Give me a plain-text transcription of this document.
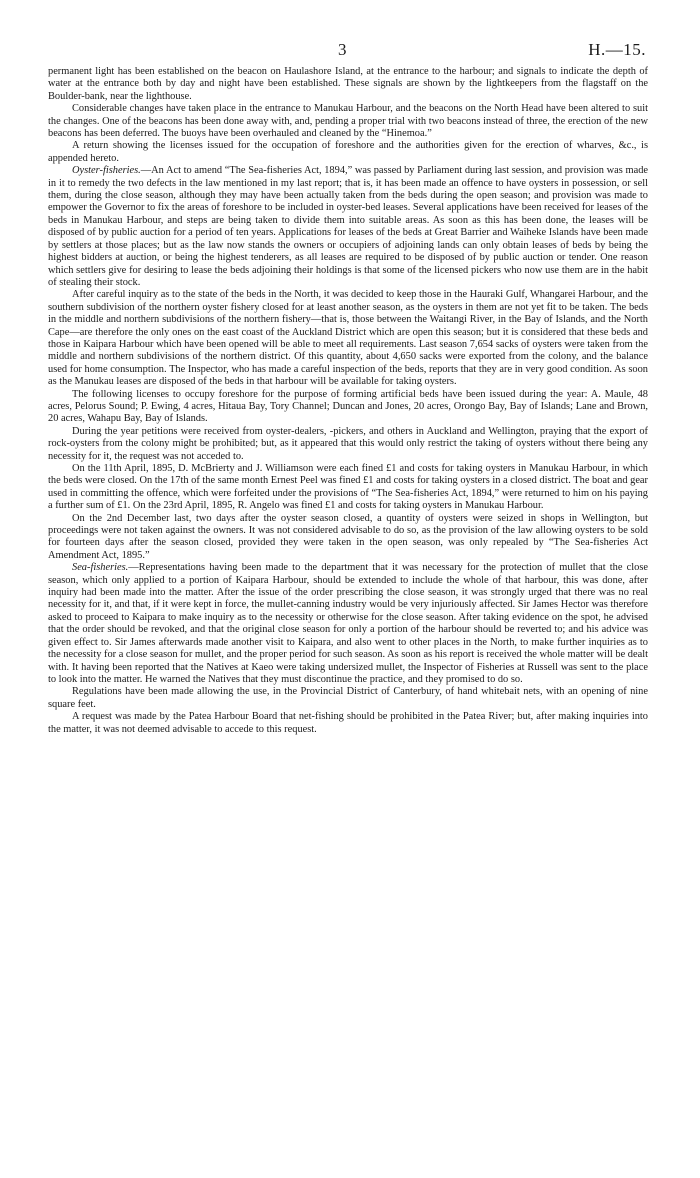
3	H.—15.

permanent light has been established on the beacon on Haulashore Island, at the entrance to the harbour; and signals to indicate the depth of water at the entrance both by day and night have been established. These signals are shown by the lightkeepers from the flagstaff on the Boulder-bank, near the lighthouse.

Considerable changes have taken place in the entrance to Manukau Harbour, and the beacons on the North Head have been altered to suit the changes. One of the beacons has been done away with, and, pending a proper trial with two beacons instead of three, the erection of the new beacons has been deferred. The buoys have been overhauled and cleaned by the “Hinemoa.”

A return showing the licenses issued for the occupation of foreshore and the authorities given for the erection of wharves, &c., is appended hereto.

Oyster-fisheries.—An Act to amend “The Sea-fisheries Act, 1894,” was passed by Parliament during last session, and provision was made in it to remedy the two defects in the law mentioned in my last report; that is, it has been made an offence to have oysters in possession, or sell them, during the close season, although they may have been actually taken from the beds during the open season; and provision was made to empower the Governor to fix the areas of foreshore to be included in oyster-bed leases. Several applications have been received for leases of the beds in Manukau Harbour, and steps are being taken to divide them into suitable areas. As soon as this has been done, the leases will be disposed of by public auction for a period of ten years. Applications for leases of the beds at Great Barrier and Waiheke Islands have been made by settlers at those places; but as the law now stands the owners or occupiers of adjoining lands can only obtain leases of beds by being the highest bidders at auction, or being the highest tenderers, as all leases are required to be disposed of by public auction or tender. One reason which settlers give for desiring to lease the beds adjoining their holdings is that some of the licensed pickers who now use them are in the habit of stealing their stock.

After careful inquiry as to the state of the beds in the North, it was decided to keep those in the Hauraki Gulf, Whangarei Harbour, and the southern subdivision of the northern oyster fishery closed for at least another season, as the oysters in them are not yet fit to be taken. The beds in the middle and northern subdivisions of the northern fishery—that is, those between the Waitangi River, in the Bay of Islands, and the North Cape—are therefore the only ones on the east coast of the Auckland District which are open this season; but it is considered that these beds and those in Kaipara Harbour which have been opened will be able to meet all requirements. Last season 7,654 sacks of oysters were taken from the middle and northern subdivisions of the northern district. Of this quantity, about 4,650 sacks were exported from the colony, and the balance used for home consumption. The Inspector, who has made a careful inspection of the beds, reports that they are in very good condition. As soon as the Manukau leases are disposed of the beds in that harbour will be available for taking oysters.

The following licenses to occupy foreshore for the purpose of forming artificial beds have been issued during the year: A. Maule, 48 acres, Pelorus Sound; P. Ewing, 4 acres, Hitaua Bay, Tory Channel; Duncan and Jones, 20 acres, Orongo Bay, Bay of Islands; Lane and Brown, 20 acres, Wahapu Bay, Bay of Islands.

During the year petitions were received from oyster-dealers, -pickers, and others in Auckland and Wellington, praying that the export of rock-oysters from the colony might be prohibited; but, as it appeared that this would only restrict the taking of oysters without there being any necessity for it, the request was not acceded to.

On the 11th April, 1895, D. McBrierty and J. Williamson were each fined £1 and costs for taking oysters in Manukau Harbour, in which the beds were closed. On the 17th of the same month Ernest Peel was fined £1 and costs for taking oysters in a closed district. The boat and gear used in committing the offence, which were forfeited under the provisions of “The Sea-fisheries Act, 1894,” were returned to him on his paying a further sum of £1. On the 23rd April, 1895, R. Angelo was fined £1 and costs for taking oysters in Manukau Harbour.

On the 2nd December last, two days after the oyster season closed, a quantity of oysters were seized in shops in Wellington, but proceedings were not taken against the owners. It was not considered advisable to do so, as the provision of the law allowing oysters to be sold for fourteen days after the season closed, provided they were taken in the open season, was only repealed by “The Sea-fisheries Act Amendment Act, 1895.”

Sea-fisheries.—Representations having been made to the department that it was necessary for the protection of mullet that the close season, which only applied to a portion of Kaipara Harbour, should be extended to include the whole of that harbour, this was done, after inquiry had been made into the matter. After the issue of the order prescribing the close season, it was strongly urged that there was no real necessity for it, and that, if it were kept in force, the mullet-canning industry would be very injuriously affected. Sir James Hector was therefore asked to proceed to Kaipara to make inquiry as to the necessity or otherwise for the close season. After taking evidence on the spot, he advised that the order should be revoked, and that the original close season for only a portion of the harbour should be reverted to; and his advice was given effect to. Sir James afterwards made another visit to Kaipara, and also went to other places in the North, to make further inquiries as to the necessity for a close season for mullet, and the proper period for such season. As soon as his report is received the whole matter will be dealt with. It having been reported that the Natives at Kaeo were taking undersized mullet, the Inspector of Fisheries at Russell was sent to the place to look into the matter. He warned the Natives that they must discontinue the practice, and they promised to do so.

Regulations have been made allowing the use, in the Provincial District of Canterbury, of hand whitebait nets, with an opening of nine square feet.

A request was made by the Patea Harbour Board that net-fishing should be prohibited in the Patea River; but, after making inquiries into the matter, it was not deemed advisable to accede to this request.
